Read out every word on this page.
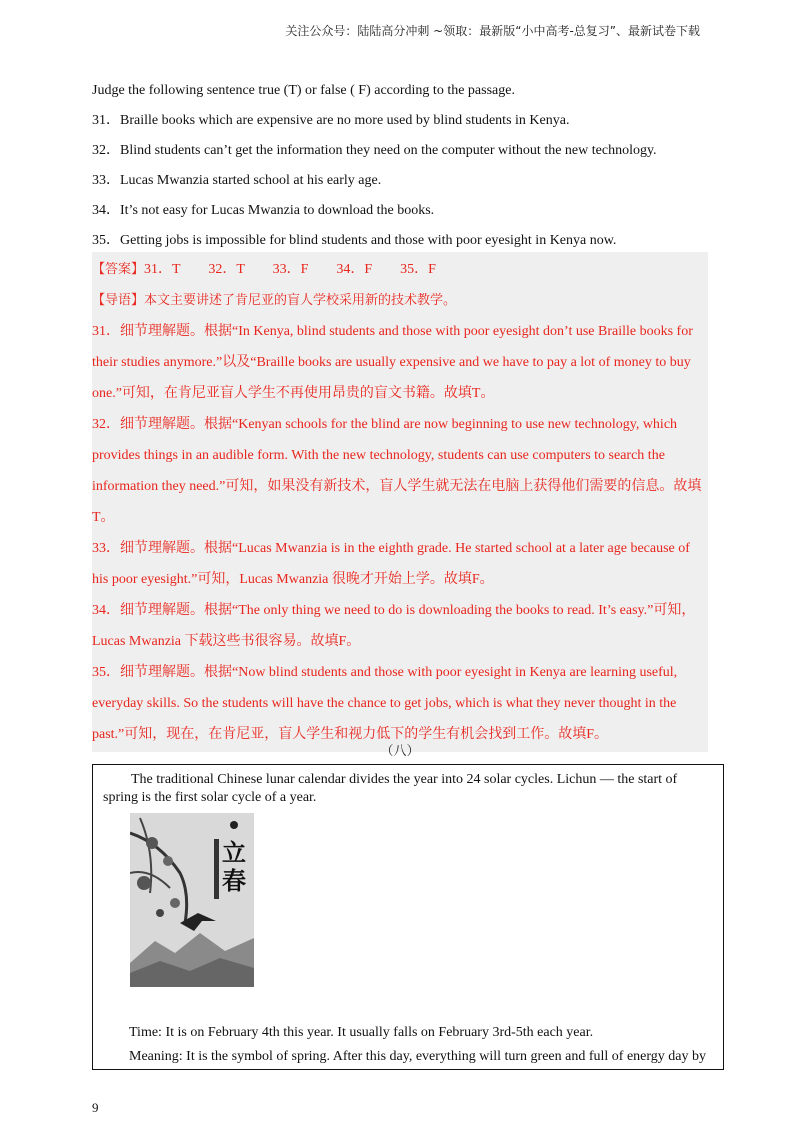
关注公众号：陆陆高分冲刺 ~领取：最新版“小中高考-总复习”、最新试卷下载

Judge the following sentence true (T) or false ( F) according to the passage.

31．Braille books which are expensive are no more used by blind students in Kenya.

32．Blind students can’t get the information they need on the computer without the new technology.

33．Lucas Mwanzia started school at his early age.

34．It’s not easy for Lucas Mwanzia to download the books.

35．Getting jobs is impossible for blind students and those with poor eyesight in Kenya now.

【答案】31．T　　32．T　　33．F　　34．F　　35．F

【导语】本文主要讲述了肯尼亚的盲人学校采用新的技术教学。

31．细节理解题。根据“In Kenya, blind students and those with poor eyesight don’t use Braille books for

their studies anymore.”以及“Braille books are usually expensive and we have to pay a lot of money to buy

one.”可知，在肯尼亚盲人学生不再使用昂贵的盲文书籍。故填T。

32．细节理解题。根据“Kenyan schools for the blind are now beginning to use new technology, which

provides things in an audible form. With the new technology, students can use computers to search the

information they need.”可知，如果没有新技术，盲人学生就无法在电脑上获得他们需要的信息。故填

T。

33．细节理解题。根据“Lucas Mwanzia is in the eighth grade. He started school at a later age because of

his poor eyesight.”可知，Lucas Mwanzia 很晚才开始上学。故填F。

34．细节理解题。根据“The only thing we need to do is downloading the books to read. It’s easy.”可知，

Lucas Mwanzia 下载这些书很容易。故填F。

35．细节理解题。根据“Now blind students and those with poor eyesight in Kenya are learning useful,

everyday skills. So the students will have the chance to get jobs, which is what they never thought in the

past.”可知，现在，在肯尼亚，盲人学生和视力低下的学生有机会找到工作。故填F。

（八）

The traditional Chinese lunar calendar divides the year into 24 solar cycles. Lichun — the start of spring is the first solar cycle of a year.

立
春

Time: It is on February 4th this year. It usually falls on February 3rd-5th each year.

Meaning: It is the symbol of spring. After this day, everything will turn green and full of energy day by

9
